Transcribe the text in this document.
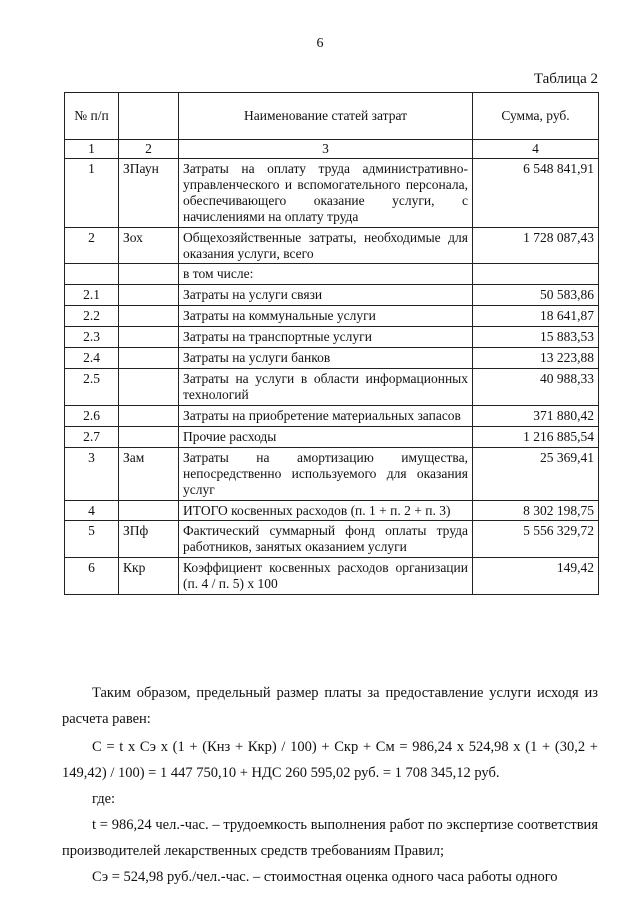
6
Таблица 2
№ п/п		Наименование статей затрат	Сумма, руб.
1	2	3	4
1	ЗПаун	Затраты на оплату труда административно-управленческого и вспомогательного персонала, обеспечивающего оказание услуги, с начислениями на оплату труда	6 548 841,91
2	Зох	Общехозяйственные затраты, необходимые для оказания услуги, всего	1 728 087,43
		в том числе:	
2.1		Затраты на услуги связи	50 583,86
2.2		Затраты на коммунальные услуги	18 641,87
2.3		Затраты на транспортные услуги	15 883,53
2.4		Затраты на услуги банков	13 223,88
2.5		Затраты на услуги в области информационных технологий	40 988,33
2.6		Затраты на приобретение материальных запасов	371 880,42
2.7		Прочие расходы	1 216 885,54
3	Зам	Затраты на амортизацию имущества, непосредственно используемого для оказания услуг	25 369,41
4		ИТОГО косвенных расходов (п. 1 + п. 2 + п. 3)	8 302 198,75
5	ЗПф	Фактический суммарный фонд оплаты труда работников, занятых оказанием услуги	5 556 329,72
6	Ккр	Коэффициент косвенных расходов организации (п. 4 / п. 5) x 100	149,42
Таким образом, предельный размер платы за предоставление услуги исходя из расчета равен:
С = t x Сэ x (1 + (Кнз + Ккр) / 100) + Скр + См = 986,24 x 524,98 x (1 + (30,2 + 149,42) / 100) = 1 447 750,10 + НДС 260 595,02 руб. = 1 708 345,12 руб.
где:
t = 986,24 чел.-час. – трудоемкость выполнения работ по экспертизе соответствия производителей лекарственных средств требованиям Правил;
Сэ = 524,98 руб./чел.-час. – стоимостная оценка одного часа работы одного
